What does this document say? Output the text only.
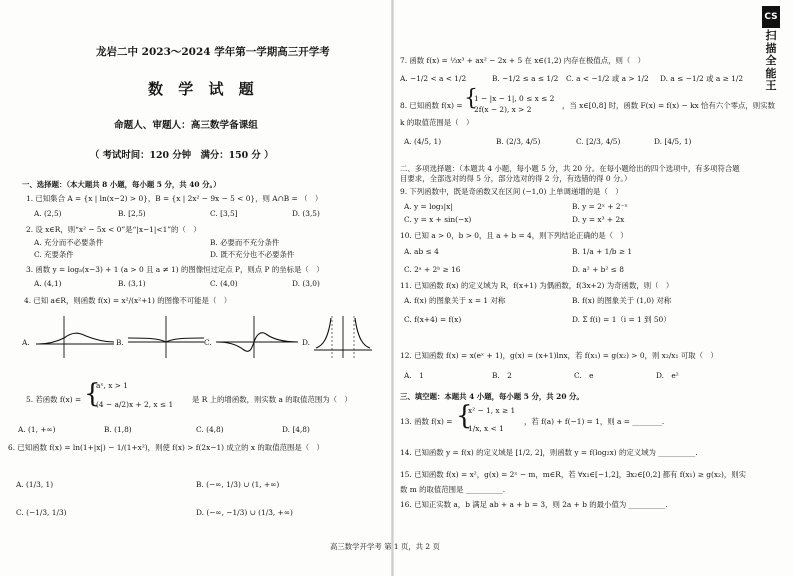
龙岩二中 2023～2024 学年第一学期高三开学考
数 学 试 题
命题人、审题人：高三数学备课组
（ 考试时间：120 分钟　满分：150 分 ）
一、选择题：（本大题共 8 小题，每小题 5 分，共 40 分。）
1. 已知集合 A = {x | ln(x−2) > 0}，B = {x | 2x² − 9x − 5 < 0}，则 A∩B = （　）
A. (2,5)	B. [2,5)	C. [3,5]	D. (3,5)
2. 设 x∈R，则“x² − 5x < 0”是“|x−1|<1”的（　）
A. 充分而不必要条件	B. 必要而不充分条件
C. 充要条件	D. 既不充分也不必要条件
3. 函数 y = logₐ(x−3) + 1 (a > 0 且 a ≠ 1) 的图像恒过定点 P，则点 P 的坐标是（　）
A. (4,1)	B. (3,1)	C. (4,0)	D. (3,0)
4. 已知 a∈R，则函数 f(x) = x²/(x²+1) 的图像不可能是（　）
A.	B.	C.	D.
5. 若函数 f(x) = {
aˣ, x > 1
(4 − a/2)x + 2, x ≤ 1
是 R 上的增函数，则实数 a 的取值范围为（　）
A. (1, +∞)	B. (1,8)	C. (4,8)	D. [4,8)
6. 已知函数 f(x) = ln(1+|x|) − 1/(1+x²)，则使 f(x) > f(2x−1) 成立的 x 的取值范围是（　）
A. (1/3, 1)	B. (−∞, 1/3) ∪ (1, +∞)
C. (−1/3, 1/3)	D. (−∞, −1/3) ∪ (1/3, +∞)
7. 函数 f(x) = ⅓x³ + ax² − 2x + 5 在 x∈(1,2) 内存在极值点，则（　）
A. −1/2 < a < 1/2	B. −1/2 ≤ a ≤ 1/2 C. a < −1/2 或 a > 1/2 D. a ≤ −1/2 或 a ≥ 1/2
8. 已知函数 f(x) = {
1 − |x − 1|, 0 ≤ x ≤ 2
2f(x − 2), x > 2	，当 x∈[0,8] 时，函数 F(x) = f(x) − kx 恰有六个零点，则实数
k 的取值范围是（　）
A. (4/5, 1)	B. (2/3, 4/5)	C. [2/3, 4/5)	D. [4/5, 1)
二、多项选择题：（本题共 4 小题，每小题 5 分，共 20 分。在每小题给出的四个选项中，有多项符合题目要求，全部选对的得 5 分，部分选对的得 2 分，有选错的得 0 分。）
9. 下列函数中，既是奇函数又在区间 (−1,0) 上单调递增的是（　）
A. y = log₃|x|	B. y = 2ˣ + 2⁻ˣ
C. y = x + sin(−x)	D. y = x³ + 2x
10. 已知 a > 0，b > 0，且 a + b = 4，则下列结论正确的是（　）
A. ab ≤ 4	B. 1/a + 1/b ≥ 1
C. 2ᵃ + 2ᵇ ≥ 16	D. a² + b² ≤ 8
11. 已知函数 f(x) 的定义域为 R，f(x+1) 为偶函数，f(3x+2) 为奇函数，则（　）
A. f(x) 的图象关于 x = 1 对称	B. f(x) 的图象关于 (1,0) 对称
C. f(x+4) = f(x)	D. Σ f(i) = 1（i = 1 到 50）
12. 已知函数 f(x) = x(eˣ + 1)，g(x) = (x+1)lnx，若 f(x₁) = g(x₂) > 0，则 x₂/x₁ 可取（　）
A.　1	B.　2	C.　e	D.　e²
三、填空题：本题共 4 小题，每小题 5 分，共 20 分。
13. 函数 f(x) = {
x² − 1, x ≥ 1
1/x, x < 1
，若 f(a) + f(−1) = 1，则 a = ________.
14. 已知函数 y = f(x) 的定义域是 [1/2, 2]，则函数 y = f(log₂x) 的定义域为 __________.
15. 已知函数 f(x) = x²，g(x) = 2ˣ − m，m∈R，若 ∀x₁∈[−1,2]，∃x₂∈[0,2] 都有 f(x₁) ≥ g(x₂)，则实
数 m 的取值范围是 __________.
16. 已知正实数 a，b 满足 ab + a + b = 3，则 2a + b 的最小值为 __________.
高三数学开学考 第 1 页，共 2 页
CS
扫
描
全
能
王
